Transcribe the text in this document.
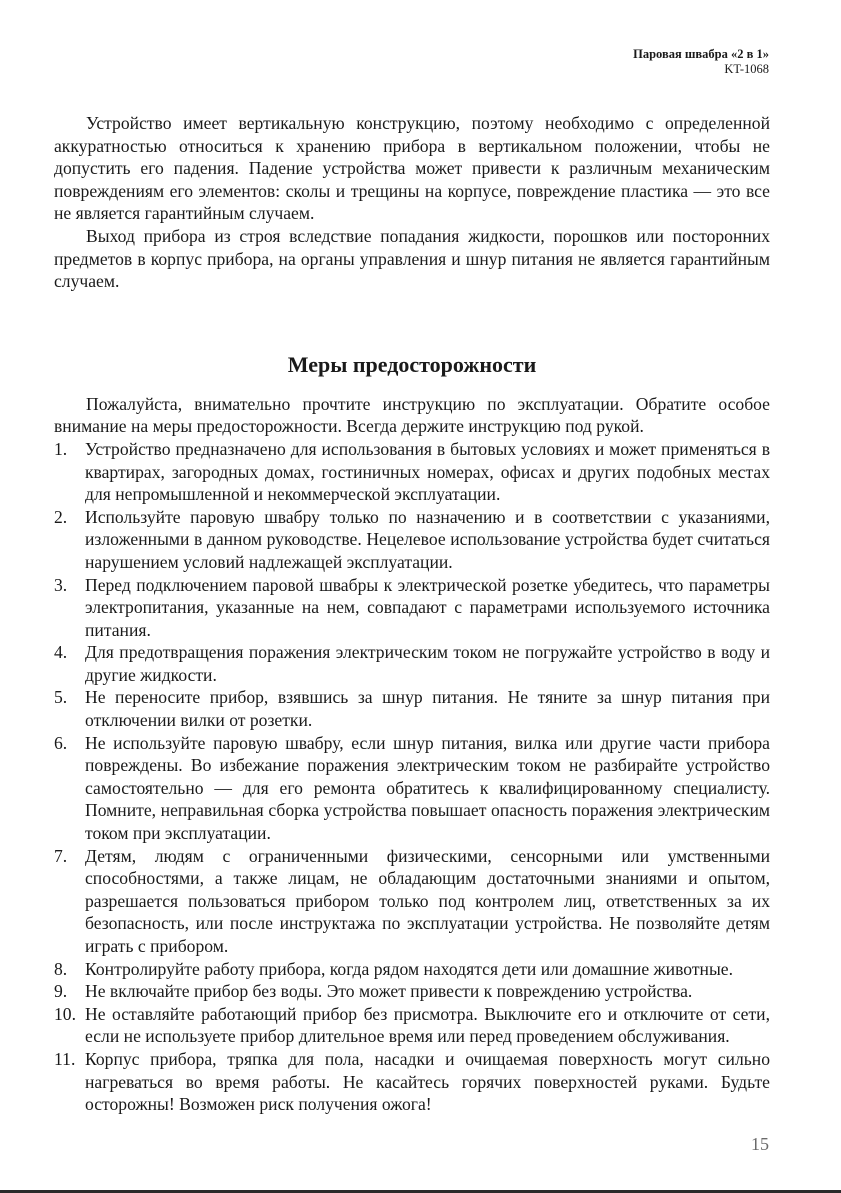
Паровая швабра «2 в 1»
KT-1068

Устройство имеет вертикальную конструкцию, поэтому необходимо с определенной аккуратностью относиться к хранению прибора в вертикальном положении, чтобы не допустить его падения. Падение устройства может привести к различным механическим повреждениям его элементов: сколы и трещины на корпусе, повреждение пластика — это все не является гарантийным случаем.

Выход прибора из строя вследствие попадания жидкости, порошков или посторонних предметов в корпус прибора, на органы управления и шнур питания не является гарантийным случаем.

Меры предосторожности

Пожалуйста, внимательно прочтите инструкцию по эксплуатации. Обратите особое внимание на меры предосторожности. Всегда держите инструкцию под рукой.

1.	Устройство предназначено для использования в бытовых условиях и может применяться в квартирах, загородных домах, гостиничных номерах, офисах и других подобных местах для непромышленной и некоммерческой эксплуатации.
2.	Используйте паровую швабру только по назначению и в соответствии с указаниями, изложенными в данном руководстве. Нецелевое использование устройства будет считаться нарушением условий надлежащей эксплуатации.
3.	Перед подключением паровой швабры к электрической розетке убедитесь, что параметры электропитания, указанные на нем, совпадают с параметрами используемого источника питания.
4.	Для предотвращения поражения электрическим током не погружайте устройство в воду и другие жидкости.
5.	Не переносите прибор, взявшись за шнур питания. Не тяните за шнур питания при отключении вилки от розетки.
6.	Не используйте паровую швабру, если шнур питания, вилка или другие части прибора повреждены. Во избежание поражения электрическим током не разбирайте устройство самостоятельно — для его ремонта обратитесь к квалифицированному специалисту. Помните, неправильная сборка устройства повышает опасность поражения электрическим током при эксплуатации.
7.	Детям, людям с ограниченными физическими, сенсорными или умственными способностями, а также лицам, не обладающим достаточными знаниями и опытом, разрешается пользоваться прибором только под контролем лиц, ответственных за их безопасность, или после инструктажа по эксплуатации устройства. Не позволяйте детям играть с прибором.
8.	Контролируйте работу прибора, когда рядом находятся дети или домашние животные.
9.	Не включайте прибор без воды. Это может привести к повреждению устройства.
10. Не оставляйте работающий прибор без присмотра. Выключите его и отключите от сети, если не используете прибор длительное время или перед проведением обслуживания.
11. Корпус прибора, тряпка для пола, насадки и очищаемая поверхность могут сильно нагреваться во время работы. Не касайтесь горячих поверхностей руками. Будьте осторожны! Возможен риск получения ожога!
15
